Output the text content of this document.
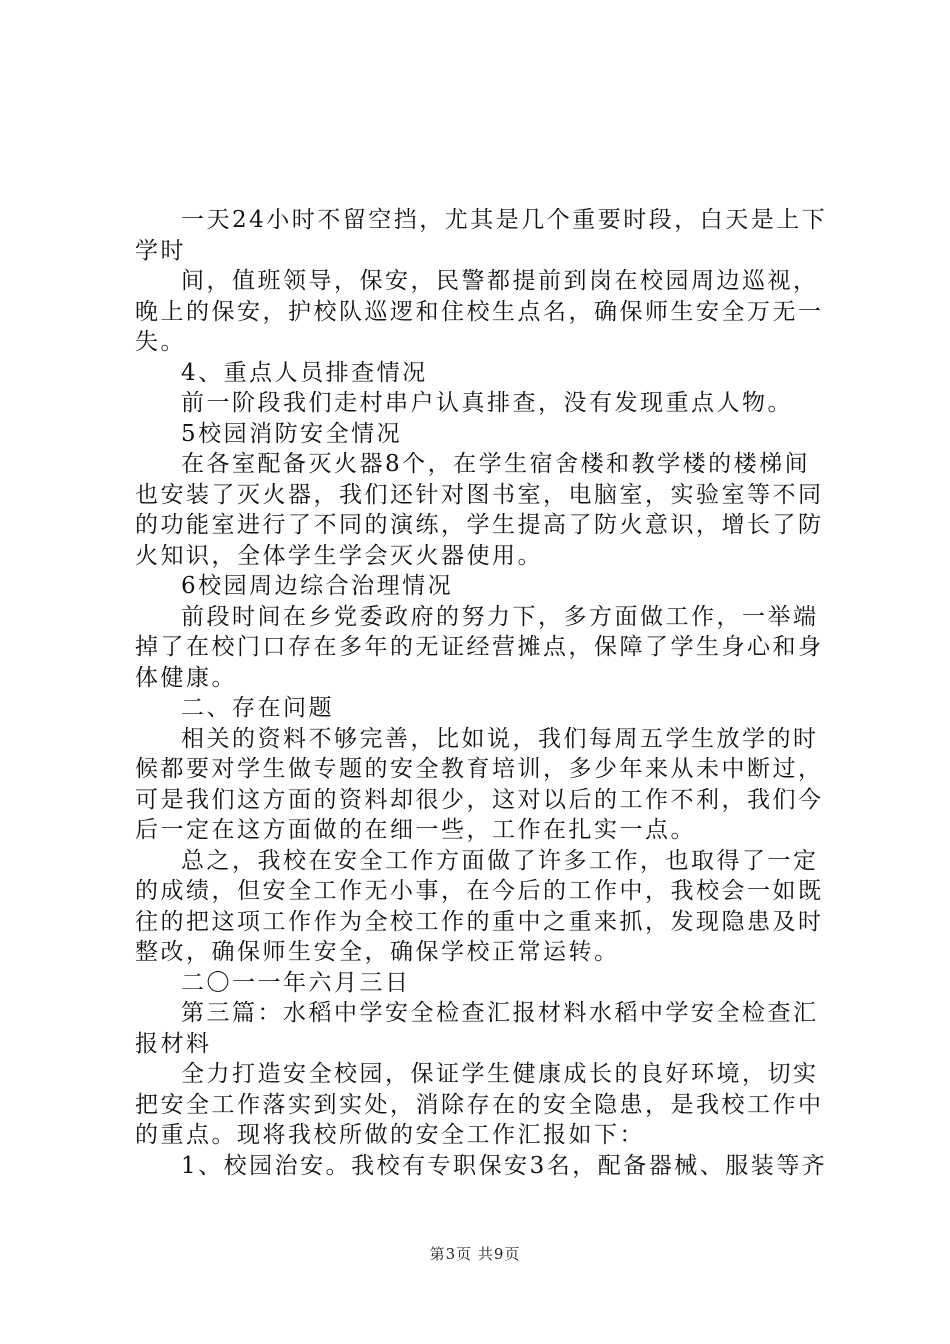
一天24小时不留空挡，尤其是几个重要时段，白天是上下
学时
间，值班领导，保安，民警都提前到岗在校园周边巡视，
晚上的保安，护校队巡逻和住校生点名，确保师生安全万无一
失。
4、重点人员排查情况
前一阶段我们走村串户认真排查，没有发现重点人物。
5校园消防安全情况
在各室配备灭火器8个，在学生宿舍楼和教学楼的楼梯间
也安装了灭火器，我们还针对图书室，电脑室，实验室等不同
的功能室进行了不同的演练，学生提高了防火意识，增长了防
火知识，全体学生学会灭火器使用。
6校园周边综合治理情况
前段时间在乡党委政府的努力下，多方面做工作，一举端
掉了在校门口存在多年的无证经营摊点，保障了学生身心和身
体健康。
二、存在问题
相关的资料不够完善，比如说，我们每周五学生放学的时
候都要对学生做专题的安全教育培训，多少年来从未中断过，
可是我们这方面的资料却很少，这对以后的工作不利，我们今
后一定在这方面做的在细一些，工作在扎实一点。
总之，我校在安全工作方面做了许多工作，也取得了一定
的成绩，但安全工作无小事，在今后的工作中，我校会一如既
往的把这项工作作为全校工作的重中之重来抓，发现隐患及时
整改，确保师生安全，确保学校正常运转。
二〇一一年六月三日
第三篇：水稻中学安全检查汇报材料水稻中学安全检查汇
报材料
全力打造安全校园，保证学生健康成长的良好环境，切实
把安全工作落实到实处，消除存在的安全隐患，是我校工作中
的重点。现将我校所做的安全工作汇报如下：
1、校园治安。我校有专职保安3名，配备器械、服装等齐
第3页 共9页
